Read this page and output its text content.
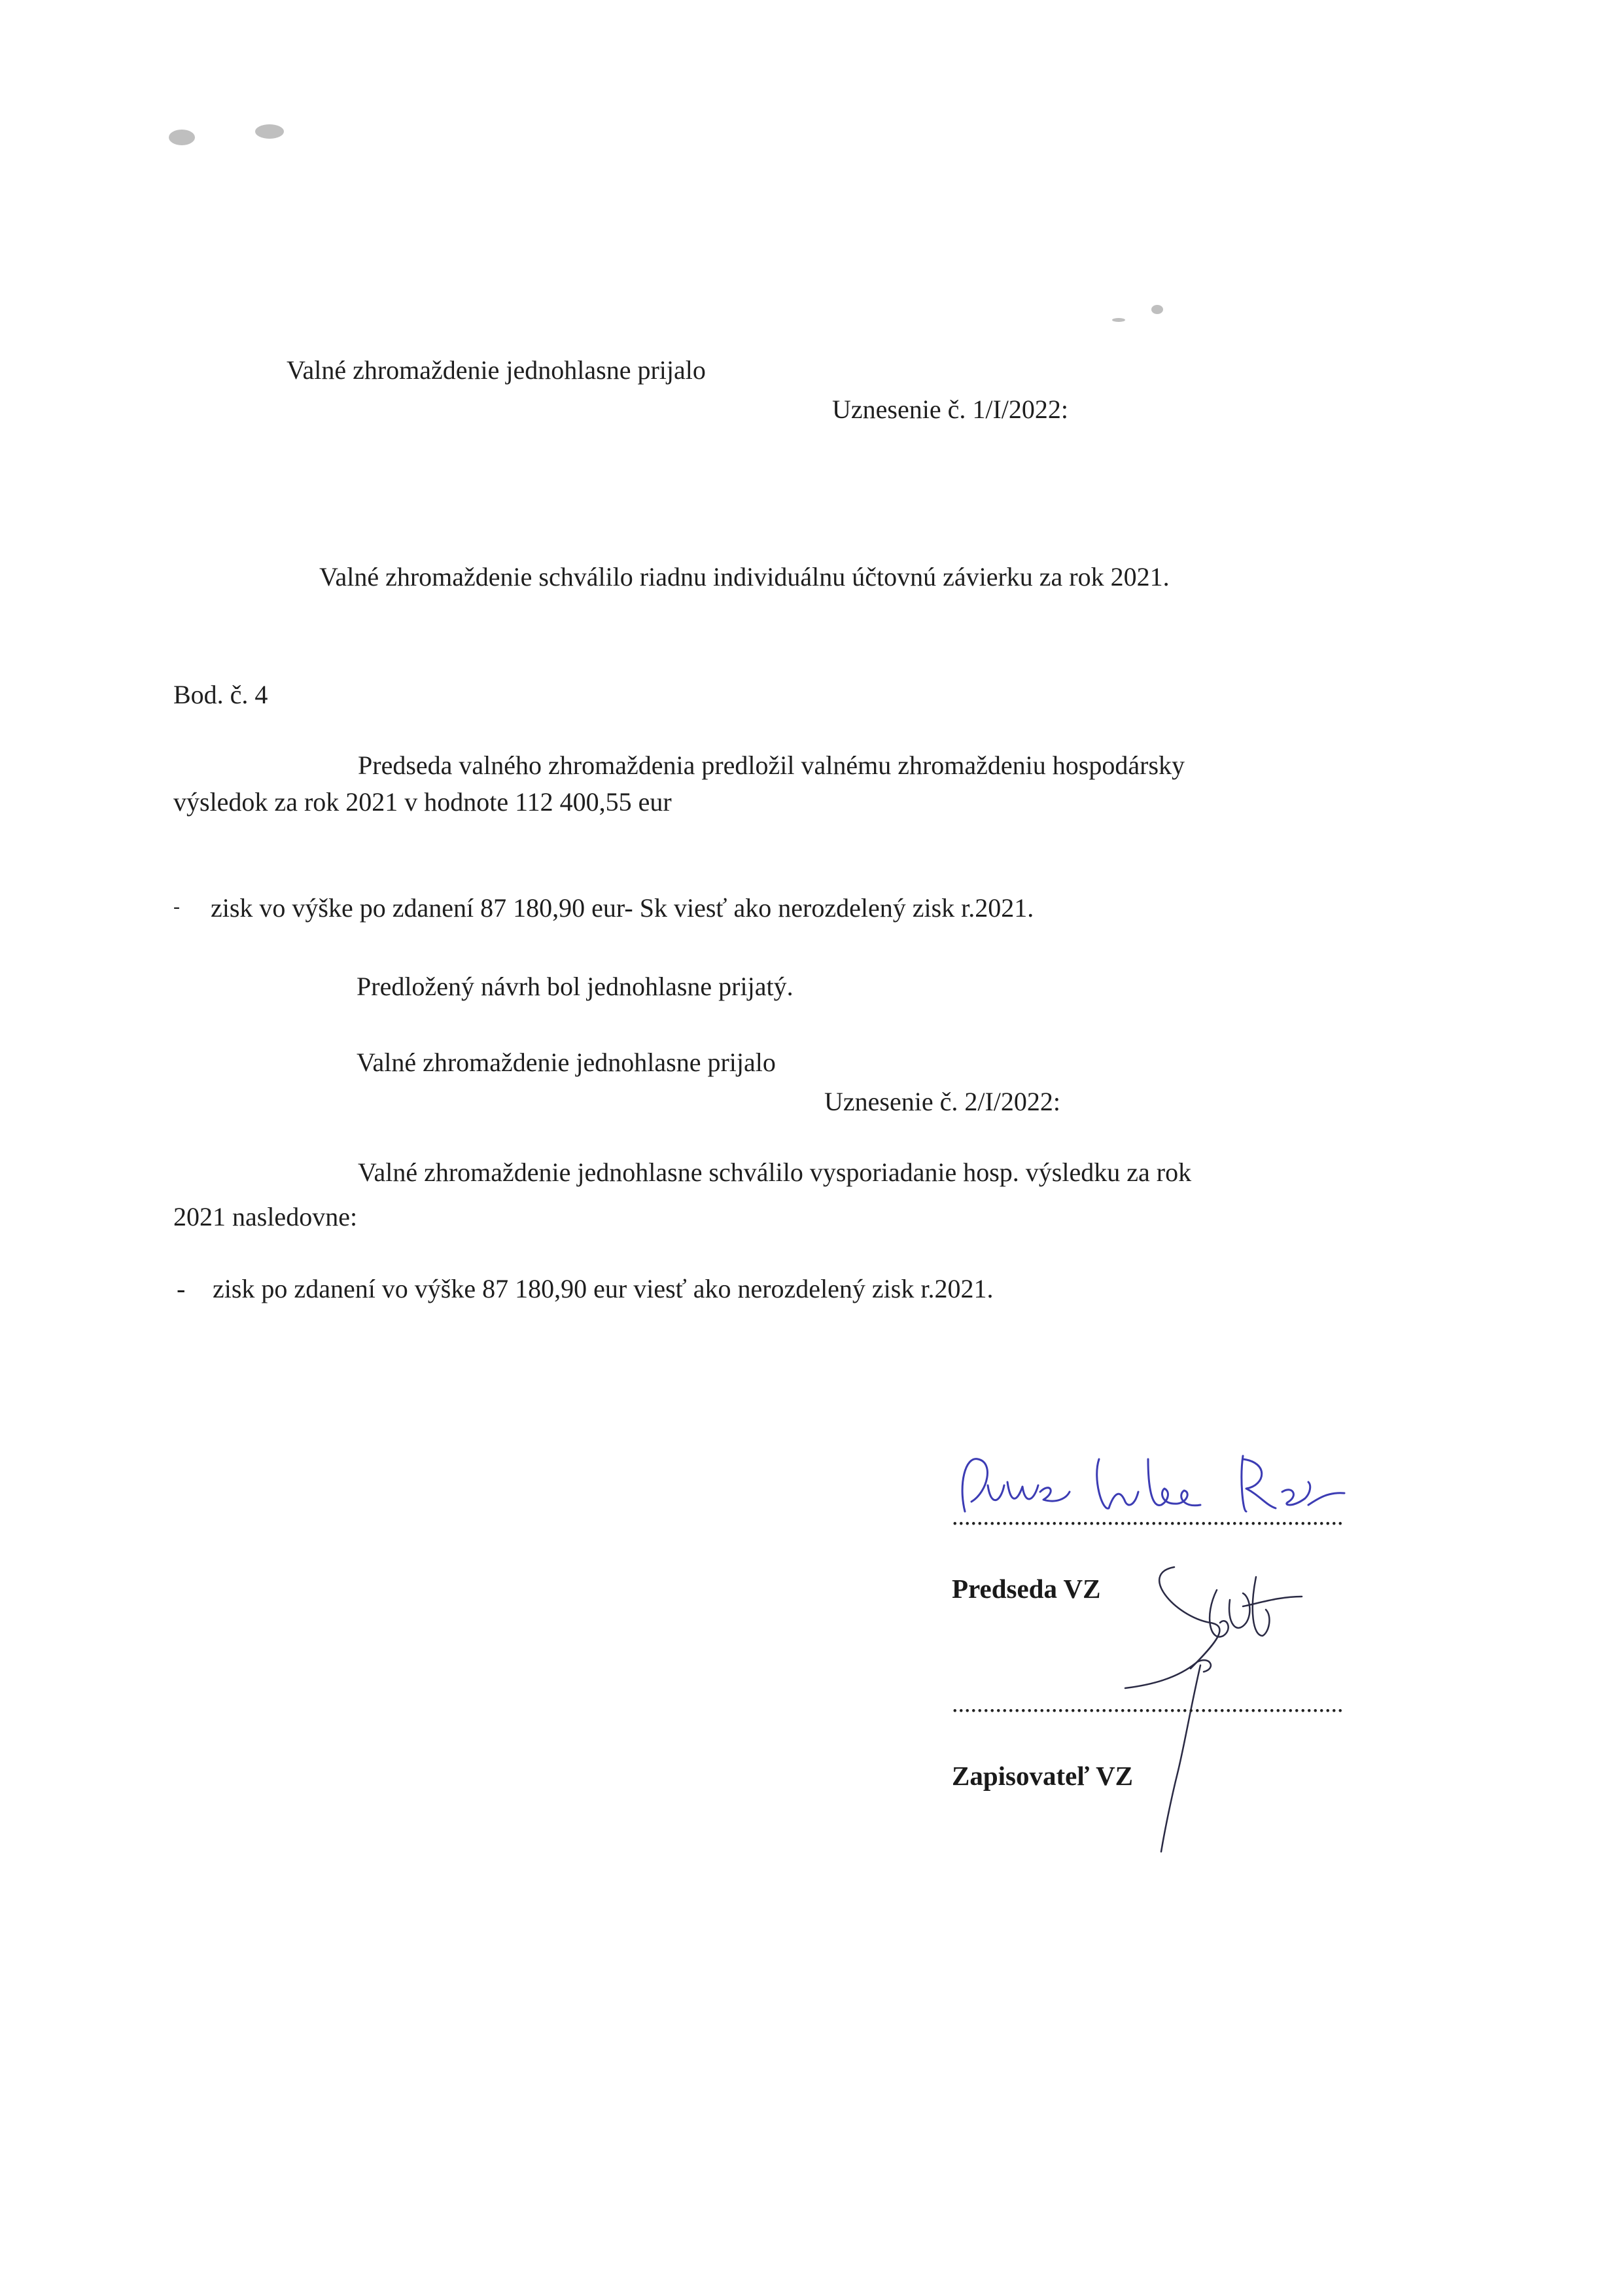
Valné zhromaždenie jednohlasne prijalo
Uznesenie č. 1/I/2022:
Valné zhromaždenie schválilo riadnu individuálnu účtovnú závierku za rok 2021.
Bod. č. 4
Predseda valného zhromaždenia predložil valnému zhromaždeniu hospodársky
výsledok za rok 2021 v hodnote 112 400,55 eur
- zisk vo výške po zdanení 87 180,90 eur- Sk viesť ako nerozdelený zisk r.2021.
Predložený návrh bol jednohlasne prijatý.
Valné zhromaždenie jednohlasne prijalo
Uznesenie č. 2/I/2022:
Valné zhromaždenie jednohlasne schválilo vysporiadanie hosp. výsledku za rok
2021 nasledovne:
- zisk po zdanení vo výške 87 180,90 eur viesť ako nerozdelený zisk r.2021.
...............................................................
Predseda VZ
...............................................................
Zapisovateľ VZ
